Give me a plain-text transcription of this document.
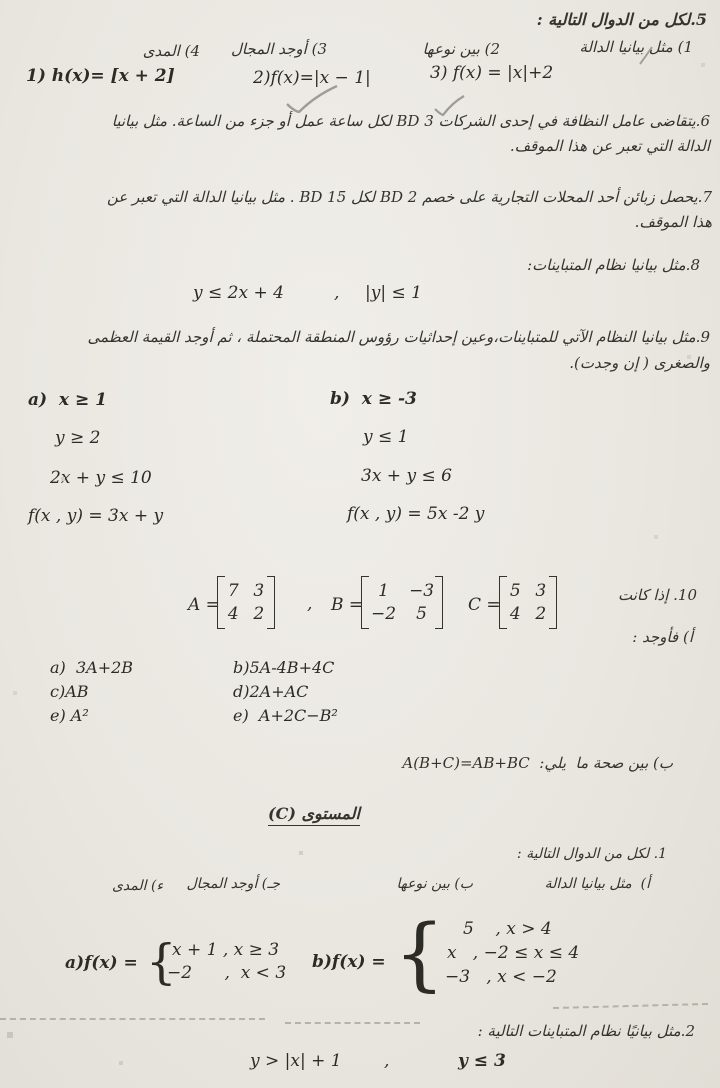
5.لكل من الدوال التالية :
1) مثل بيانيا الدالة
2) بين نوعها
3) أوجد المجال
4) المدى
1) h(x)= [x + 2]	2)f(x)=|x − 1|	3) f(x) = |x|+2
6.يتقاضى عامل النظافة في إحدى الشركات BD 3 لكل ساعة عمل أو جزء من الساعة. مثل بيانيا
الدالة التي تعبر عن هذا الموقف.
7.يحصل زبائن أحد المحلات التجارية على خصم BD 2 لكل BD 15 . مثل بيانيا الدالة التي تعبر عن
هذا الموقف.
8.مثل بيانيا نظام المتباينات:
y ≤ 2x + 4	, |y| ≤ 1
9.مثل بيانيا النظام الآتي للمتباينات،وعين إحداثيات رؤوس المنطقة المحتملة ، ثم أوجد القيمة العظمى
والصغرى ( إن وجدت).
a)  x ≥ 1
y ≥ 2
2x + y ≤ 10
f(x , y) = 3x + y
b)  x ≥ -3
y ≤ 1
3x + y ≤ 6
f(x , y) = 5x -2 y
10. إذا كانت
أ) فأوجد :
A =
7 3
4 2	, B =
1	−3
−2	5	C =
5 3
4 2
a)  3A+2B	b)5A-4B+4C
c)AB	d)2A+AC
e) A²	e)  A+2C−B²
ب) بين صحة ما  يلي:  A(B+C)=AB+BC
المستوى (C)
1. لكل من الدوال التالية :
أ)  مثل بيانيا الدالة
ب) بين نوعها
جـ) أوجد المجال
ء) المدى
a)f(x) = {
x + 1 , x ≥ 3
−2      ,  x < 3
b)f(x) = { 5    , x > 4
x   , −2 ≤ x ≤ 4
−3   , x < −2
2.مثل بيانيًا نظام المتباينات التالية :
y > |x| + 1 ,	y ≤ 3
